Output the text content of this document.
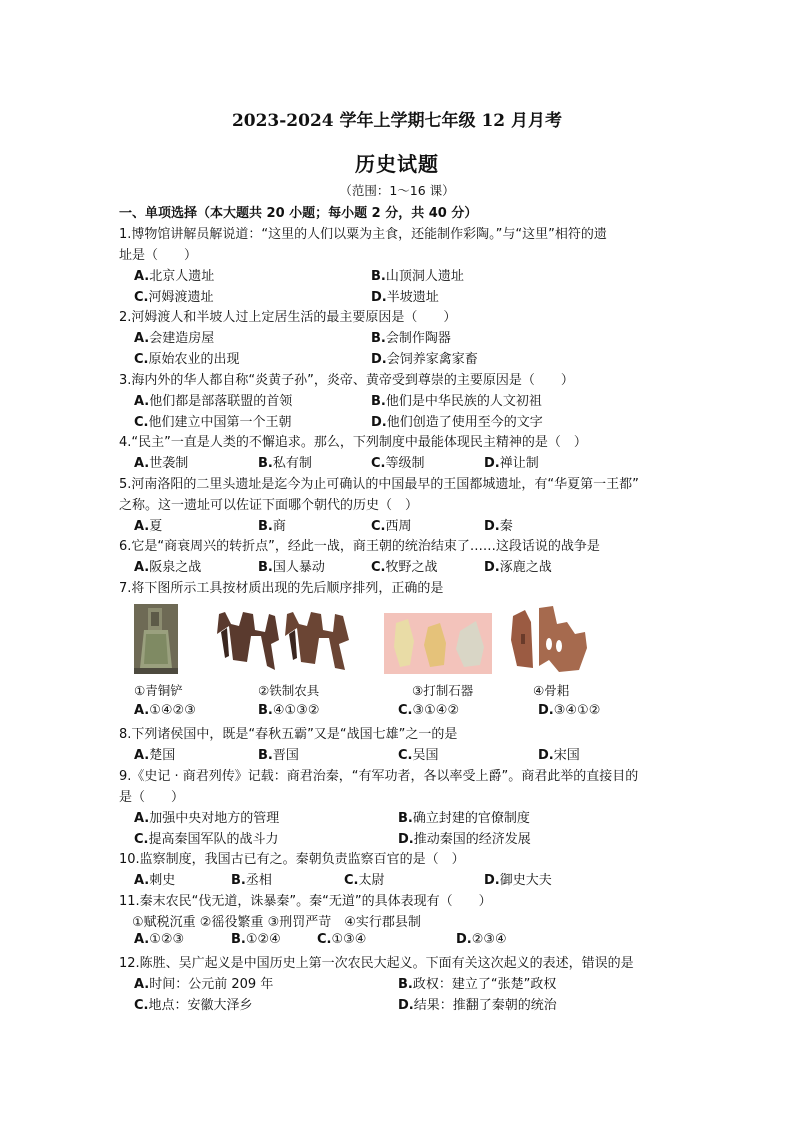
2023-2024 学年上学期七年级 12 月月考
历史试题
（范围：1～16 课）
一、单项选择（本大题共 20 小题；每小题 2 分，共 40 分）
1.博物馆讲解员解说道：“这里的人们以粟为主食，还能制作彩陶。”与“这里”相符的遗
址是（　　）
A.北京人遗址	B.山顶洞人遗址
C.河姆渡遗址	D.半坡遗址
2.河姆渡人和半坡人过上定居生活的最主要原因是（　　）
A.会建造房屋	B.会制作陶器
C.原始农业的出现	D.会饲养家禽家畜
3.海内外的华人都自称“炎黄子孙”，炎帝、黄帝受到尊崇的主要原因是（　　）
A.他们都是部落联盟的首领	B.他们是中华民族的人文初祖
C.他们建立中国第一个王朝	D.他们创造了使用至今的文字
4.“民主”一直是人类的不懈追求。那么，下列制度中最能体现民主精神的是（　）
A.世袭制	B.私有制	C.等级制	D.禅让制
5.河南洛阳的二里头遗址是迄今为止可确认的中国最早的王国都城遗址，有“华夏第一王都”
之称。这一遗址可以佐证下面哪个朝代的历史（　）
A.夏	B.商	C.西周	D.秦
6.它是“商衰周兴的转折点”，经此一战，商王朝的统治结束了……这段话说的战争是
A.阪泉之战	B.国人暴动	C.牧野之战	D.涿鹿之战
7.将下图所示工具按材质出现的先后顺序排列，正确的是
①青铜铲	②铁制农具	③打制石器	④骨耜
A.①④②③	B.④①③②	C.③①④②	D.③④①②
8.下列诸侯国中，既是“春秋五霸”又是“战国七雄”之一的是
A.楚国	B.晋国	C.吴国	D.宋国
9.《史记 · 商君列传》记载：商君治秦，“有军功者，各以率受上爵”。商君此举的直接目的
是（　　）
A.加强中央对地方的管理	B.确立封建的官僚制度
C.提高秦国军队的战斗力	D.推动秦国的经济发展
10.监察制度，我国古已有之。秦朝负责监察百官的是（　）
A.刺史	B.丞相	C.太尉	D.御史大夫
11.秦末农民“伐无道，诛暴秦”。秦“无道”的具体表现有（　　）
　①赋税沉重 ②徭役繁重 ③刑罚严苛　④实行郡县制
A.①②③	B.①②④	C.①③④	D.②③④
12.陈胜、吴广起义是中国历史上第一次农民大起义。下面有关这次起义的表述，错误的是
A.时间：公元前 209 年	B.政权：建立了“张楚”政权
C.地点：安徽大泽乡	D.结果：推翻了秦朝的统治
